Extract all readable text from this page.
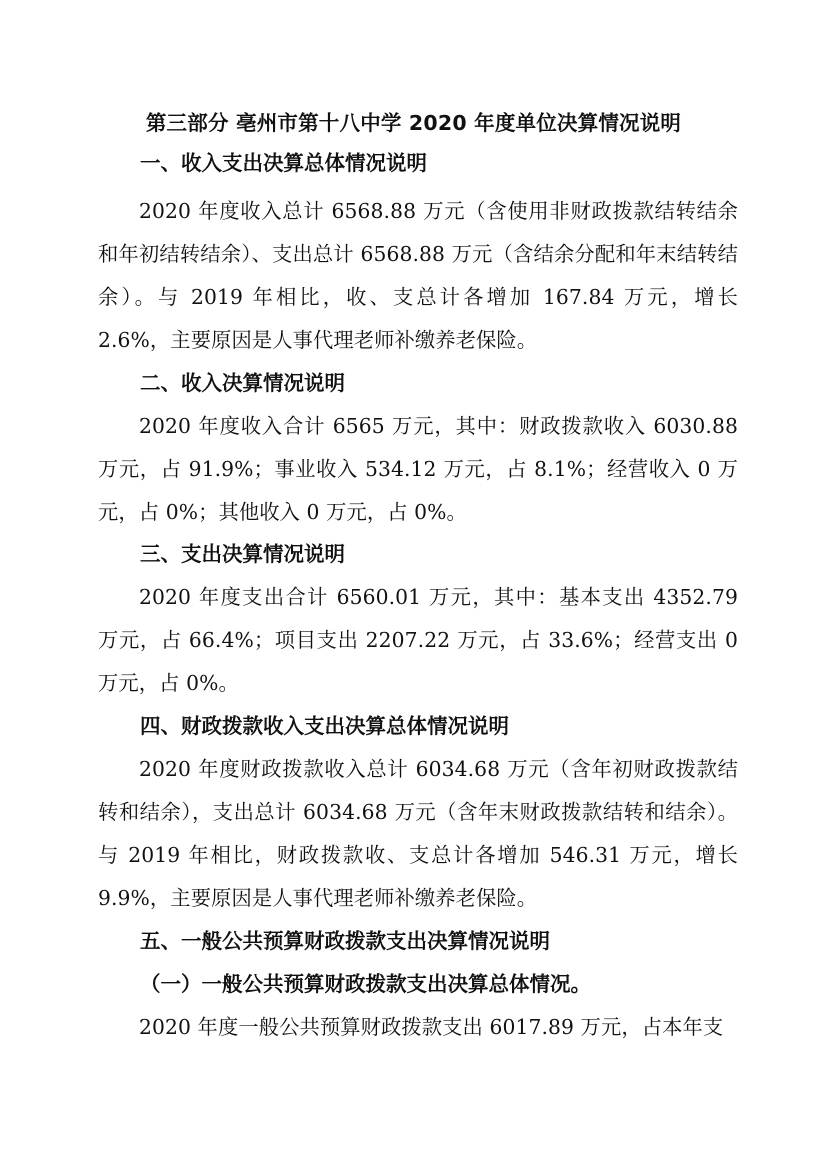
第三部分 亳州市第十八中学 2020 年度单位决算情况说明
一、收入支出决算总体情况说明
2020 年度收入总计 6568.88 万元（含使用非财政拨款结转结余和年初结转结余）、支出总计 6568.88 万元（含结余分配和年末结转结余）。与 2019 年相比，收、支总计各增加 167.84 万元，增长 2.6%，主要原因是人事代理老师补缴养老保险。
二、收入决算情况说明
2020 年度收入合计 6565 万元，其中：财政拨款收入 6030.88 万元，占 91.9%；事业收入 534.12 万元，占 8.1%；经营收入 0 万元，占 0%；其他收入 0 万元，占 0%。
三、支出决算情况说明
2020 年度支出合计 6560.01 万元，其中：基本支出 4352.79 万元，占 66.4%；项目支出 2207.22 万元，占 33.6%；经营支出 0 万元，占 0%。
四、财政拨款收入支出决算总体情况说明
2020 年度财政拨款收入总计 6034.68 万元（含年初财政拨款结转和结余），支出总计 6034.68 万元（含年末财政拨款结转和结余）。与 2019 年相比，财政拨款收、支总计各增加 546.31 万元，增长 9.9%，主要原因是人事代理老师补缴养老保险。
五、一般公共预算财政拨款支出决算情况说明
（一）一般公共预算财政拨款支出决算总体情况。
2020 年度一般公共预算财政拨款支出 6017.89 万元，占本年支
